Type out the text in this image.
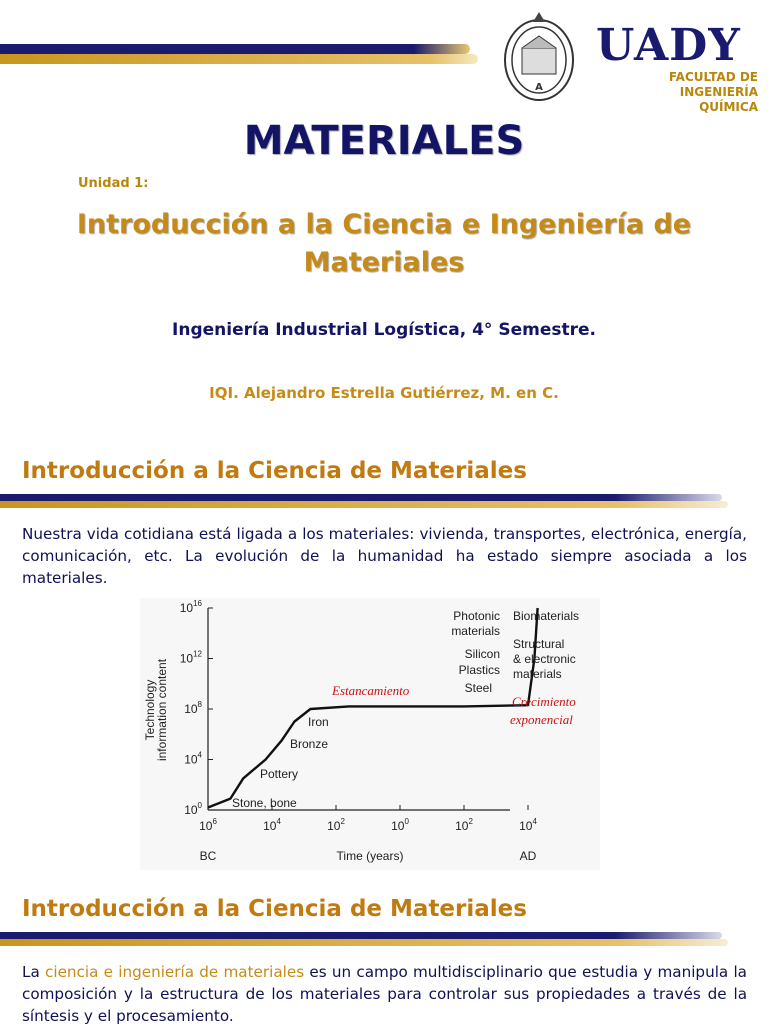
A
UADY
FACULTAD DE
INGENIERÍA
QUÍMICA
MATERIALES
Unidad 1:
Introducción a la Ciencia e Ingeniería de
Materiales
Ingeniería Industrial Logística, 4° Semestre.
IQI. Alejandro Estrella Gutiérrez, M. en C.
Introducción a la Ciencia de Materiales
Nuestra vida cotidiana está ligada a los materiales: vivienda, transportes, electrónica, energía, comunicación, etc. La evolución de la humanidad ha estado siempre asociada a los materiales.
$10^0$
$10^4$
$10^8$
$10^{12}$
$10^{16}$
$10^6$	$10^4$	$10^2$	$10^0$	$10^2$	$10^4$
BC	AD
Time (years)
Technology
information content
Stone, bone
Pottery
Bronze
Iron
Photonic
materials
Silicon
Plastics
Steel
Biomaterials
Structural
& electronic
materials
Estancamiento
Crecimiento
exponencial
Introducción a la Ciencia de Materiales
La ciencia e ingeniería de materiales es un campo multidisciplinario que estudia y manipula la composición y la estructura de los materiales para controlar sus propiedades a través de la síntesis y el procesamiento.
